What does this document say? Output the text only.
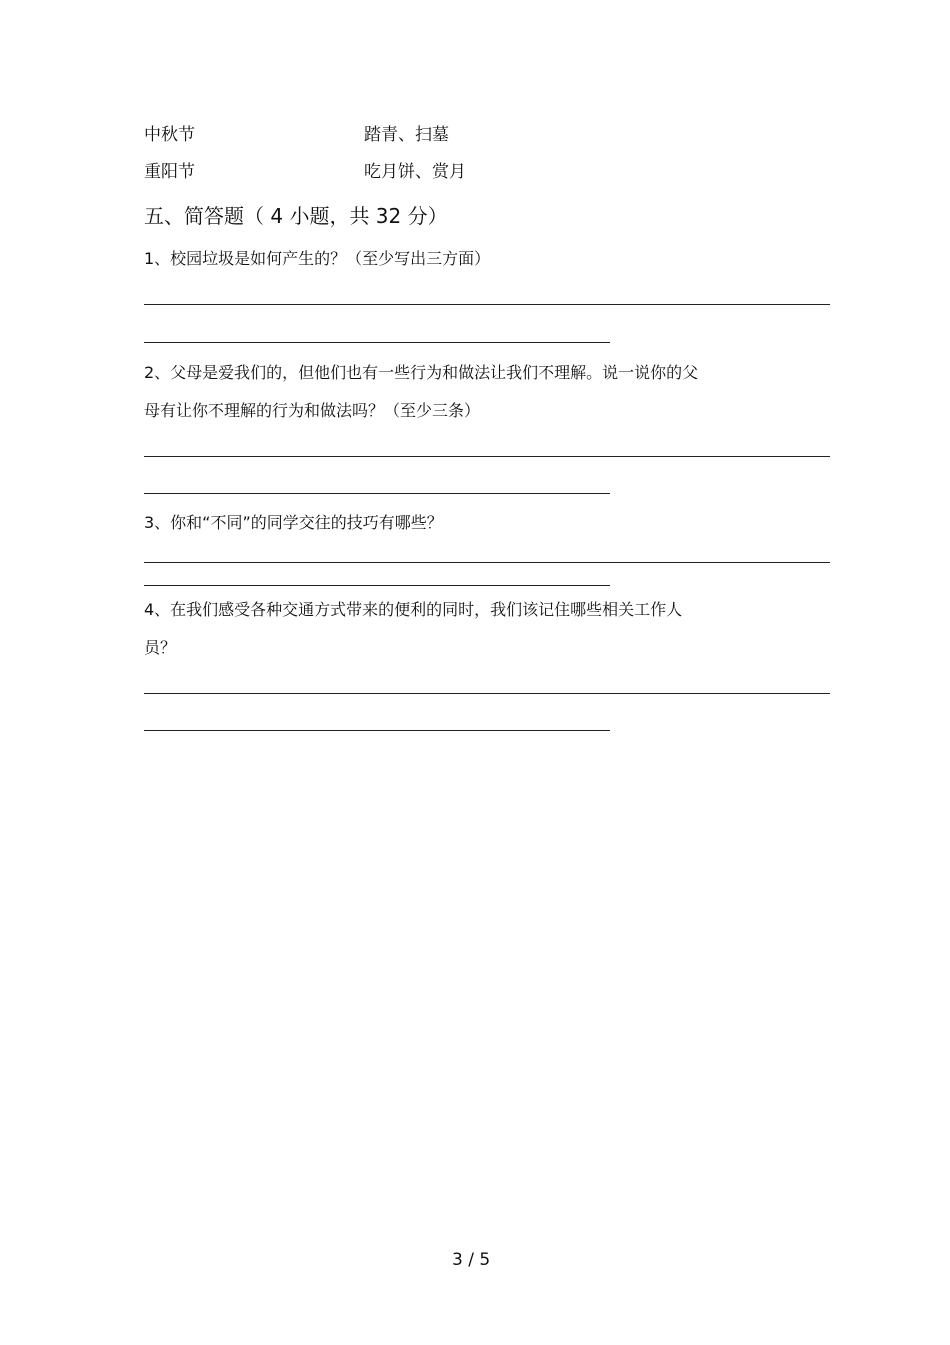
中秋节	踏青、扫墓
重阳节	吃月饼、赏月
五、简答题（ 4 小题，共 32 分）
1、校园垃圾是如何产生的？（至少写出三方面）
2、父母是爱我们的，但他们也有一些行为和做法让我们不理解。说一说你的父
母有让你不理解的行为和做法吗？（至少三条）
3、你和“不同”的同学交往的技巧有哪些？
4、在我们感受各种交通方式带来的便利的同时，我们该记住哪些相关工作人
员？
3 / 5
